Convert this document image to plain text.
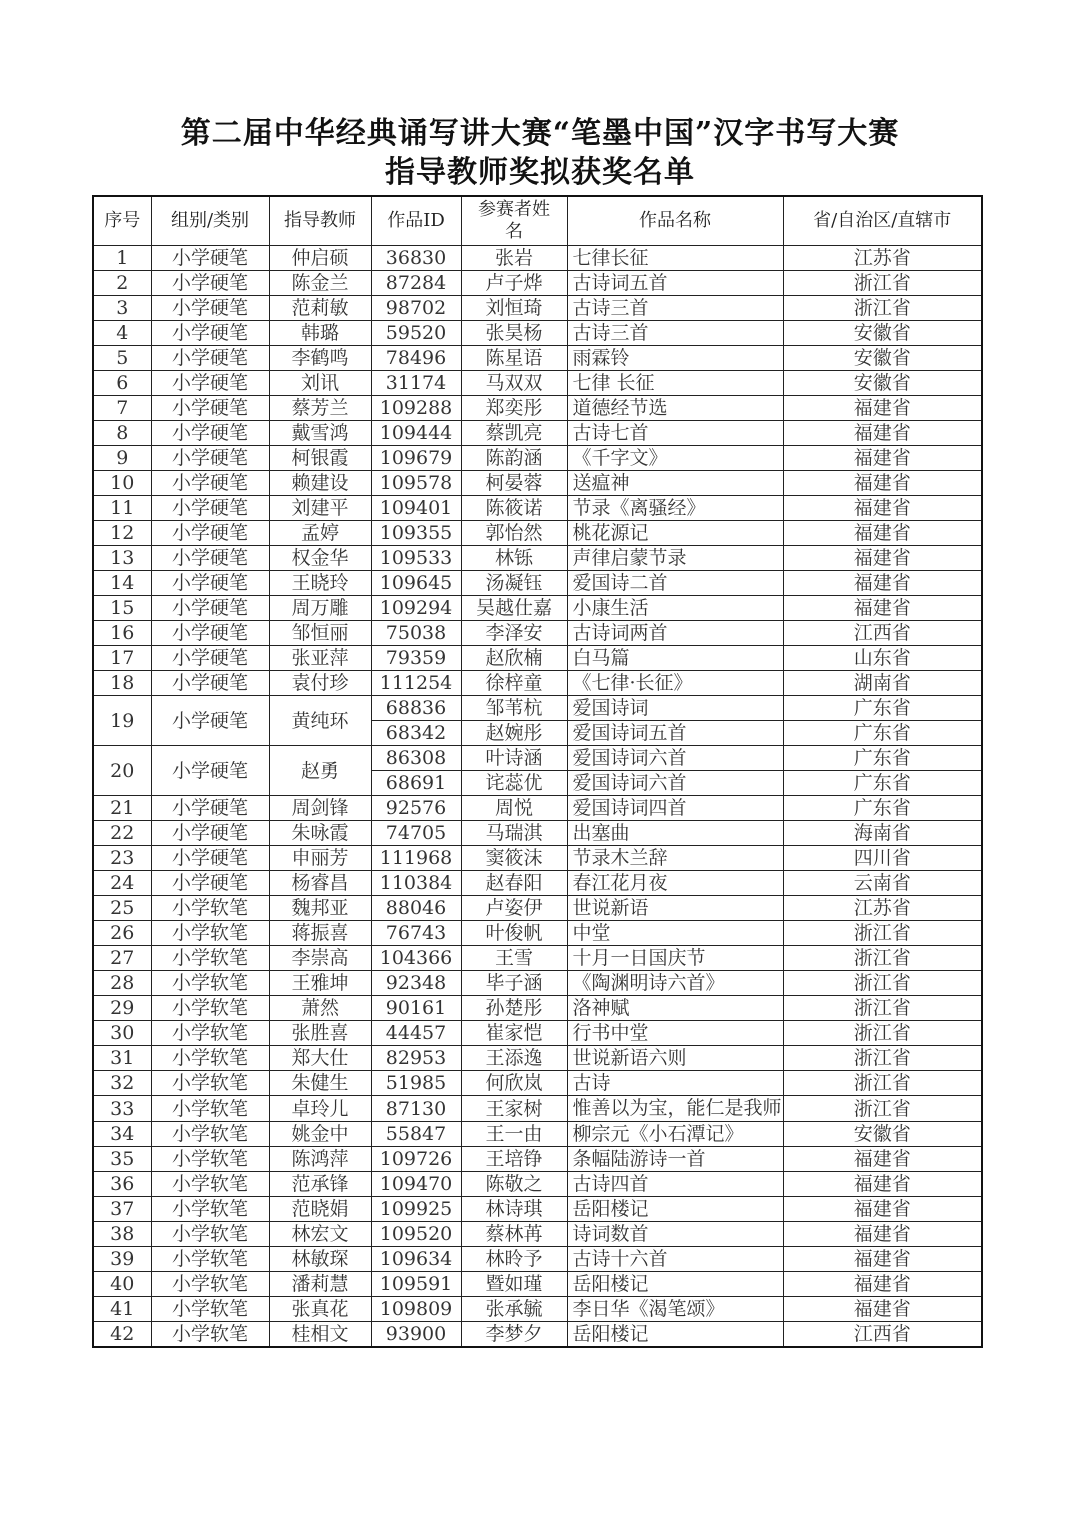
第二届中华经典诵写讲大赛“笔墨中国”汉字书写大赛
指导教师奖拟获奖名单
序号	组别/类别	指导教师	作品ID	参赛者姓名	作品名称	省/自治区/直辖市
1	小学硬笔	仲启硕	36830	张岩	七律长征	江苏省
2	小学硬笔	陈金兰	87284	卢子烨	古诗词五首	浙江省
3	小学硬笔	范莉敏	98702	刘恒琦	古诗三首	浙江省
4	小学硬笔	韩璐	59520	张昊杨	古诗三首	安徽省
5	小学硬笔	李鹤鸣	78496	陈星语	雨霖铃	安徽省
6	小学硬笔	刘讯	31174	马双双	七律 长征	安徽省
7	小学硬笔	蔡芳兰	109288	郑奕彤	道德经节选	福建省
8	小学硬笔	戴雪鸿	109444	蔡凯亮	古诗七首	福建省
9	小学硬笔	柯银霞	109679	陈韵涵	《千字文》	福建省
10	小学硬笔	赖建设	109578	柯晏蓉	送瘟神	福建省
11	小学硬笔	刘建平	109401	陈筱诺	节录《离骚经》	福建省
12	小学硬笔	孟婷	109355	郭怡然	桃花源记	福建省
13	小学硬笔	权金华	109533	林铄	声律启蒙节录	福建省
14	小学硬笔	王晓玲	109645	汤凝钰	爱国诗二首	福建省
15	小学硬笔	周万雕	109294	吴越仕嘉	小康生活	福建省
16	小学硬笔	邹恒丽	75038	李泽安	古诗词两首	江西省
17	小学硬笔	张亚萍	79359	赵欣楠	白马篇	山东省
18	小学硬笔	袁付珍	111254	徐梓童	《七律·长征》	湖南省
19	小学硬笔	黄纯环	68836	邹苇杭	爱国诗词	广东省
			68342	赵婉彤	爱国诗词五首	广东省
20	小学硬笔	赵勇	86308	叶诗涵	爱国诗词六首	广东省
			68691	诧蕊优	爱国诗词六首	广东省
21	小学硬笔	周剑锋	92576	周悦	爱国诗词四首	广东省
22	小学硬笔	朱咏霞	74705	马瑞淇	出塞曲	海南省
23	小学硬笔	申丽芳	111968	窦筱沫	节录木兰辞	四川省
24	小学硬笔	杨睿昌	110384	赵春阳	春江花月夜	云南省
25	小学软笔	魏邦亚	88046	卢姿伊	世说新语	江苏省
26	小学软笔	蒋振喜	76743	叶俊帆	中堂	浙江省
27	小学软笔	李崇高	104366	王雪	十月一日国庆节	浙江省
28	小学软笔	王雅坤	92348	毕子涵	《陶渊明诗六首》	浙江省
29	小学软笔	萧然	90161	孙楚彤	洛神赋	浙江省
30	小学软笔	张胜喜	44457	崔家恺	行书中堂	浙江省
31	小学软笔	郑大仕	82953	王添逸	世说新语六则	浙江省
32	小学软笔	朱健生	51985	何欣岚	古诗	浙江省
33	小学软笔	卓玲儿	87130	王家树	惟善以为宝，能仁是我师	浙江省
34	小学软笔	姚金中	55847	王一由	柳宗元《小石潭记》	安徽省
35	小学软笔	陈鸿萍	109726	王培铮	条幅陆游诗一首	福建省
36	小学软笔	范承锋	109470	陈敬之	古诗四首	福建省
37	小学软笔	范晓娟	109925	林诗琪	岳阳楼记	福建省
38	小学软笔	林宏文	109520	蔡林苒	诗词数首	福建省
39	小学软笔	林敏琛	109634	林昤予	古诗十六首	福建省
40	小学软笔	潘莉慧	109591	暨如瑾	岳阳楼记	福建省
41	小学软笔	张真花	109809	张承毓	李日华《渴笔颂》	福建省
42	小学软笔	桂相文	93900	李梦夕	岳阳楼记	江西省
